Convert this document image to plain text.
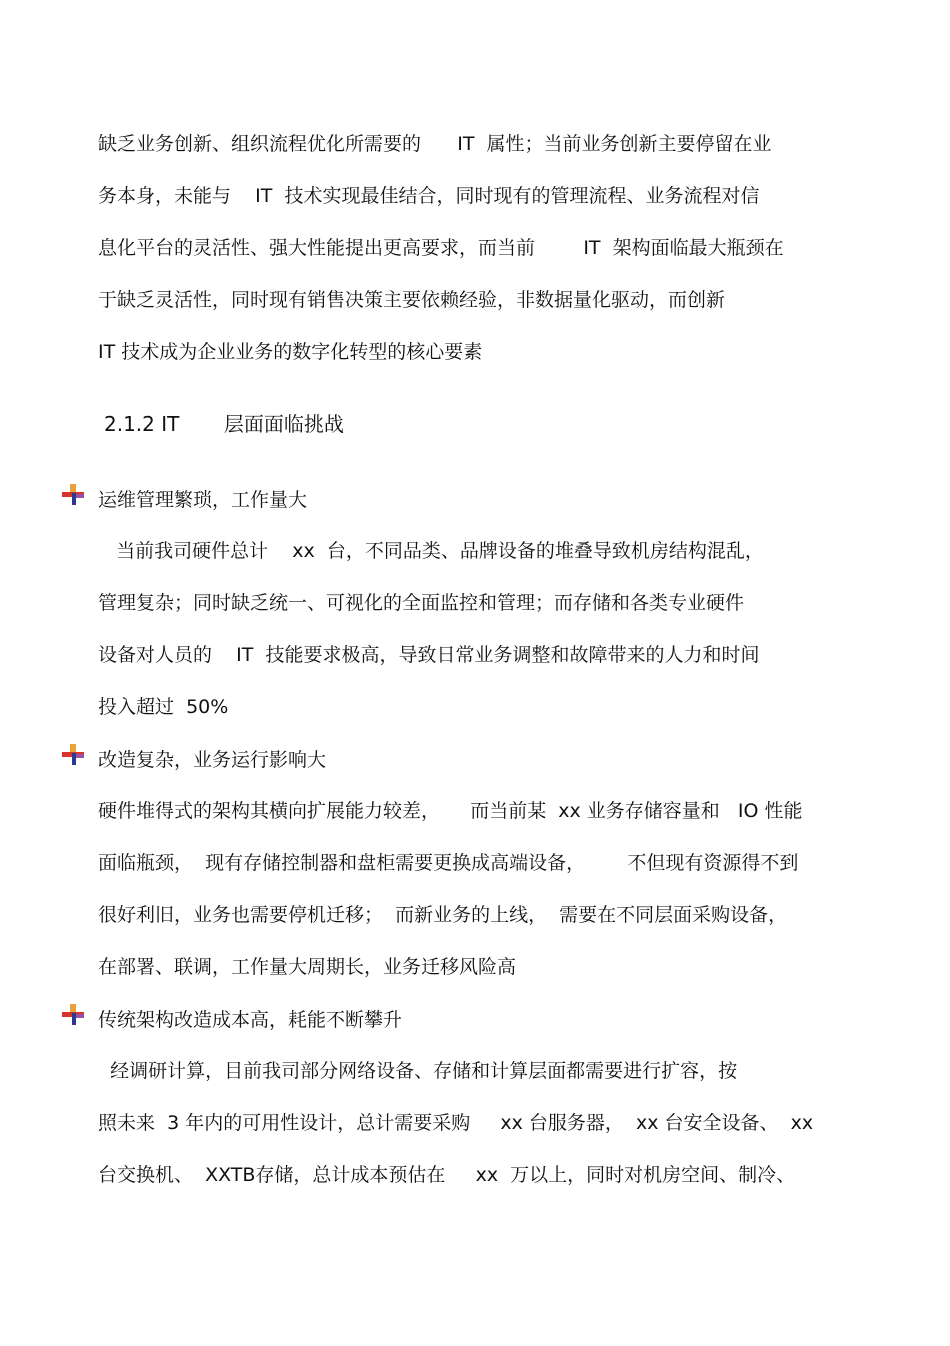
缺乏业务创新、组织流程优化所需要的      IT  属性；当前业务创新主要停留在业
务本身，未能与    IT  技术实现最佳结合，同时现有的管理流程、业务流程对信
息化平台的灵活性、强大性能提出更高要求，而当前        IT  架构面临最大瓶颈在
于缺乏灵活性，同时现有销售决策主要依赖经验，非数据量化驱动，而创新
IT 技术成为企业业务的数字化转型的核心要素
2.1.2 IT       层面面临挑战
运维管理繁琐，工作量大
当前我司硬件总计    xx  台，不同品类、品牌设备的堆叠导致机房结构混乱，
管理复杂；同时缺乏统一、可视化的全面监控和管理；而存储和各类专业硬件
设备对人员的    IT  技能要求极高，导致日常业务调整和故障带来的人力和时间
投入超过  50%
改造复杂，业务运行影响大
硬件堆得式的架构其横向扩展能力较差，     而当前某  xx 业务存储容量和   IO 性能
面临瓶颈，  现有存储控制器和盘柜需要更换成高端设备，       不但现有资源得不到
很好利旧，业务也需要停机迁移；  而新业务的上线，  需要在不同层面采购设备，
在部署、联调，工作量大周期长，业务迁移风险高
传统架构改造成本高，耗能不断攀升
经调研计算，目前我司部分网络设备、存储和计算层面都需要进行扩容，按
照未来  3 年内的可用性设计，总计需要采购     xx 台服务器，  xx 台安全设备、  xx
台交换机、  XXTB存储，总计成本预估在     xx  万以上，同时对机房空间、制冷、
